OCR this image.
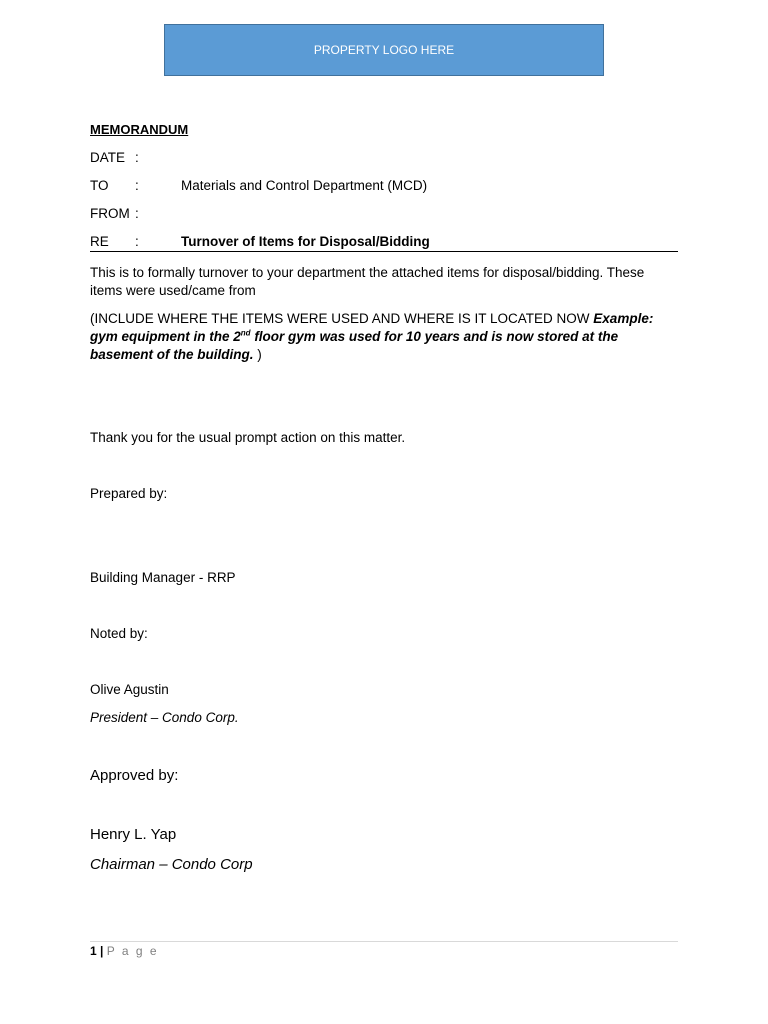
PROPERTY LOGO HERE
MEMORANDUM
DATE :
TO :	Materials and Control Department (MCD)
FROM :
RE :	Turnover of Items for Disposal/Bidding
This is to formally turnover to your department the attached items for disposal/bidding. These items were used/came from
(INCLUDE WHERE THE ITEMS WERE USED AND WHERE IS IT LOCATED NOW Example: gym equipment in the 2nd floor gym was used for 10 years and is now stored at the basement of the building. )
Thank you for the usual prompt action on this matter.
Prepared by:
Building Manager - RRP
Noted by:
Olive Agustin
President – Condo Corp.
Approved by:
Henry L. Yap
Chairman – Condo Corp
1 | P a g e
